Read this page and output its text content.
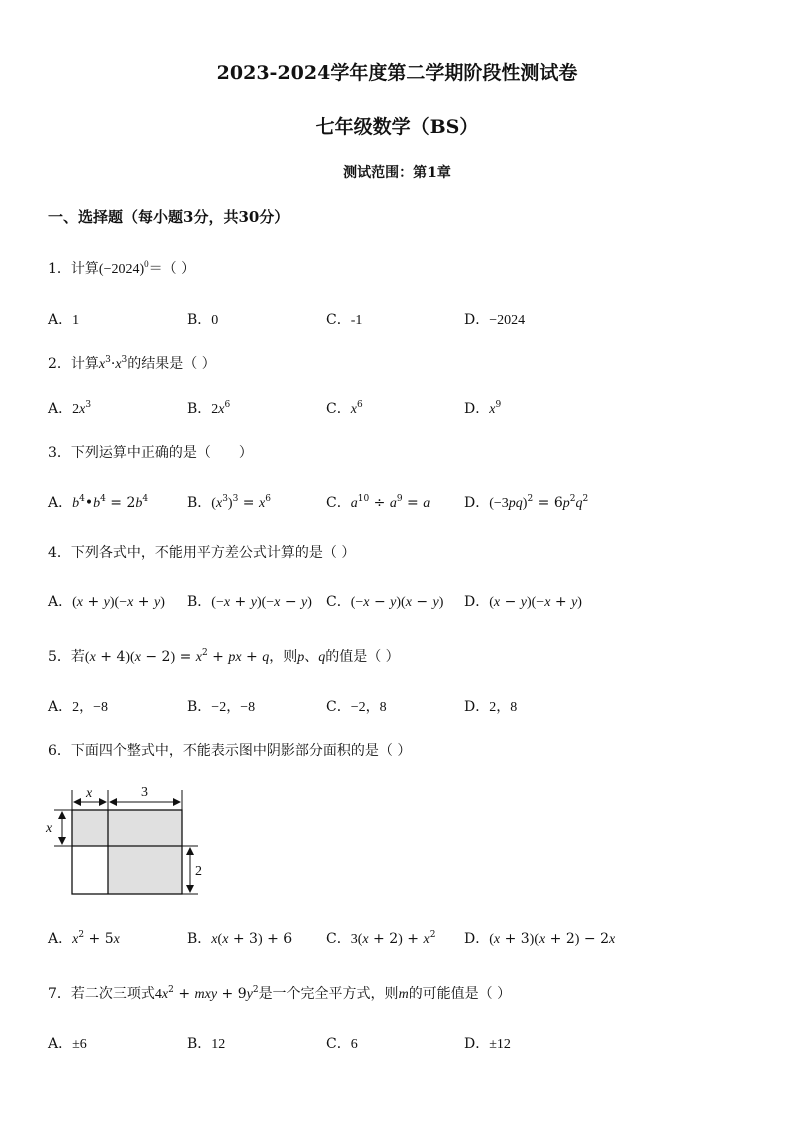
2023-2024学年度第二学期阶段性测试卷
七年级数学（BS）
测试范围：第1章
一、选择题（每小题3分，共30分）
1．计算$(-2024)^0=$（ ）
A．1	B．0	C．-1	D．−2024
2．计算$x^3\cdot x^3$的结果是（ ）
A．$2x^3$	B．$2x^6$	C．$x^6$	D．$x^9$
3．下列运算中正确的是（　　）
A．$b^4•b^4 = 2b^4$	B．$(x^3)^3 = x^6$	C．$a^{10} \div a^9 = a$ D．$(-3pq)^2 = 6p^2q^2$
4．下列各式中，不能用平方差公式计算的是（ ）
A．(x + y)(−x + y) B．(−x + y)(−x − y) C．(−x − y)(x − y) D．(x − y)(−x + y)
5．若$(x + 4)(x - 2) = x^2$ + px + q，则p、q的值是（ ）
A．2，−8	B．−2，−8	C．−2，8	D．2，8
6．下面四个整式中，不能表示图中阴影部分面积的是（ ）
x	3
x
2
A．$x^2 + 5x$	B．x(x + 3) + 6 C．$3(x + 2) + x^2$ D．(x + 3)(x + 2) − 2x
7．若二次三项式$4x^2$ + mxy + $9y^2$是一个完全平方式，则m的可能值是（ ）
A．±6	B．12	C．6	D．±12
